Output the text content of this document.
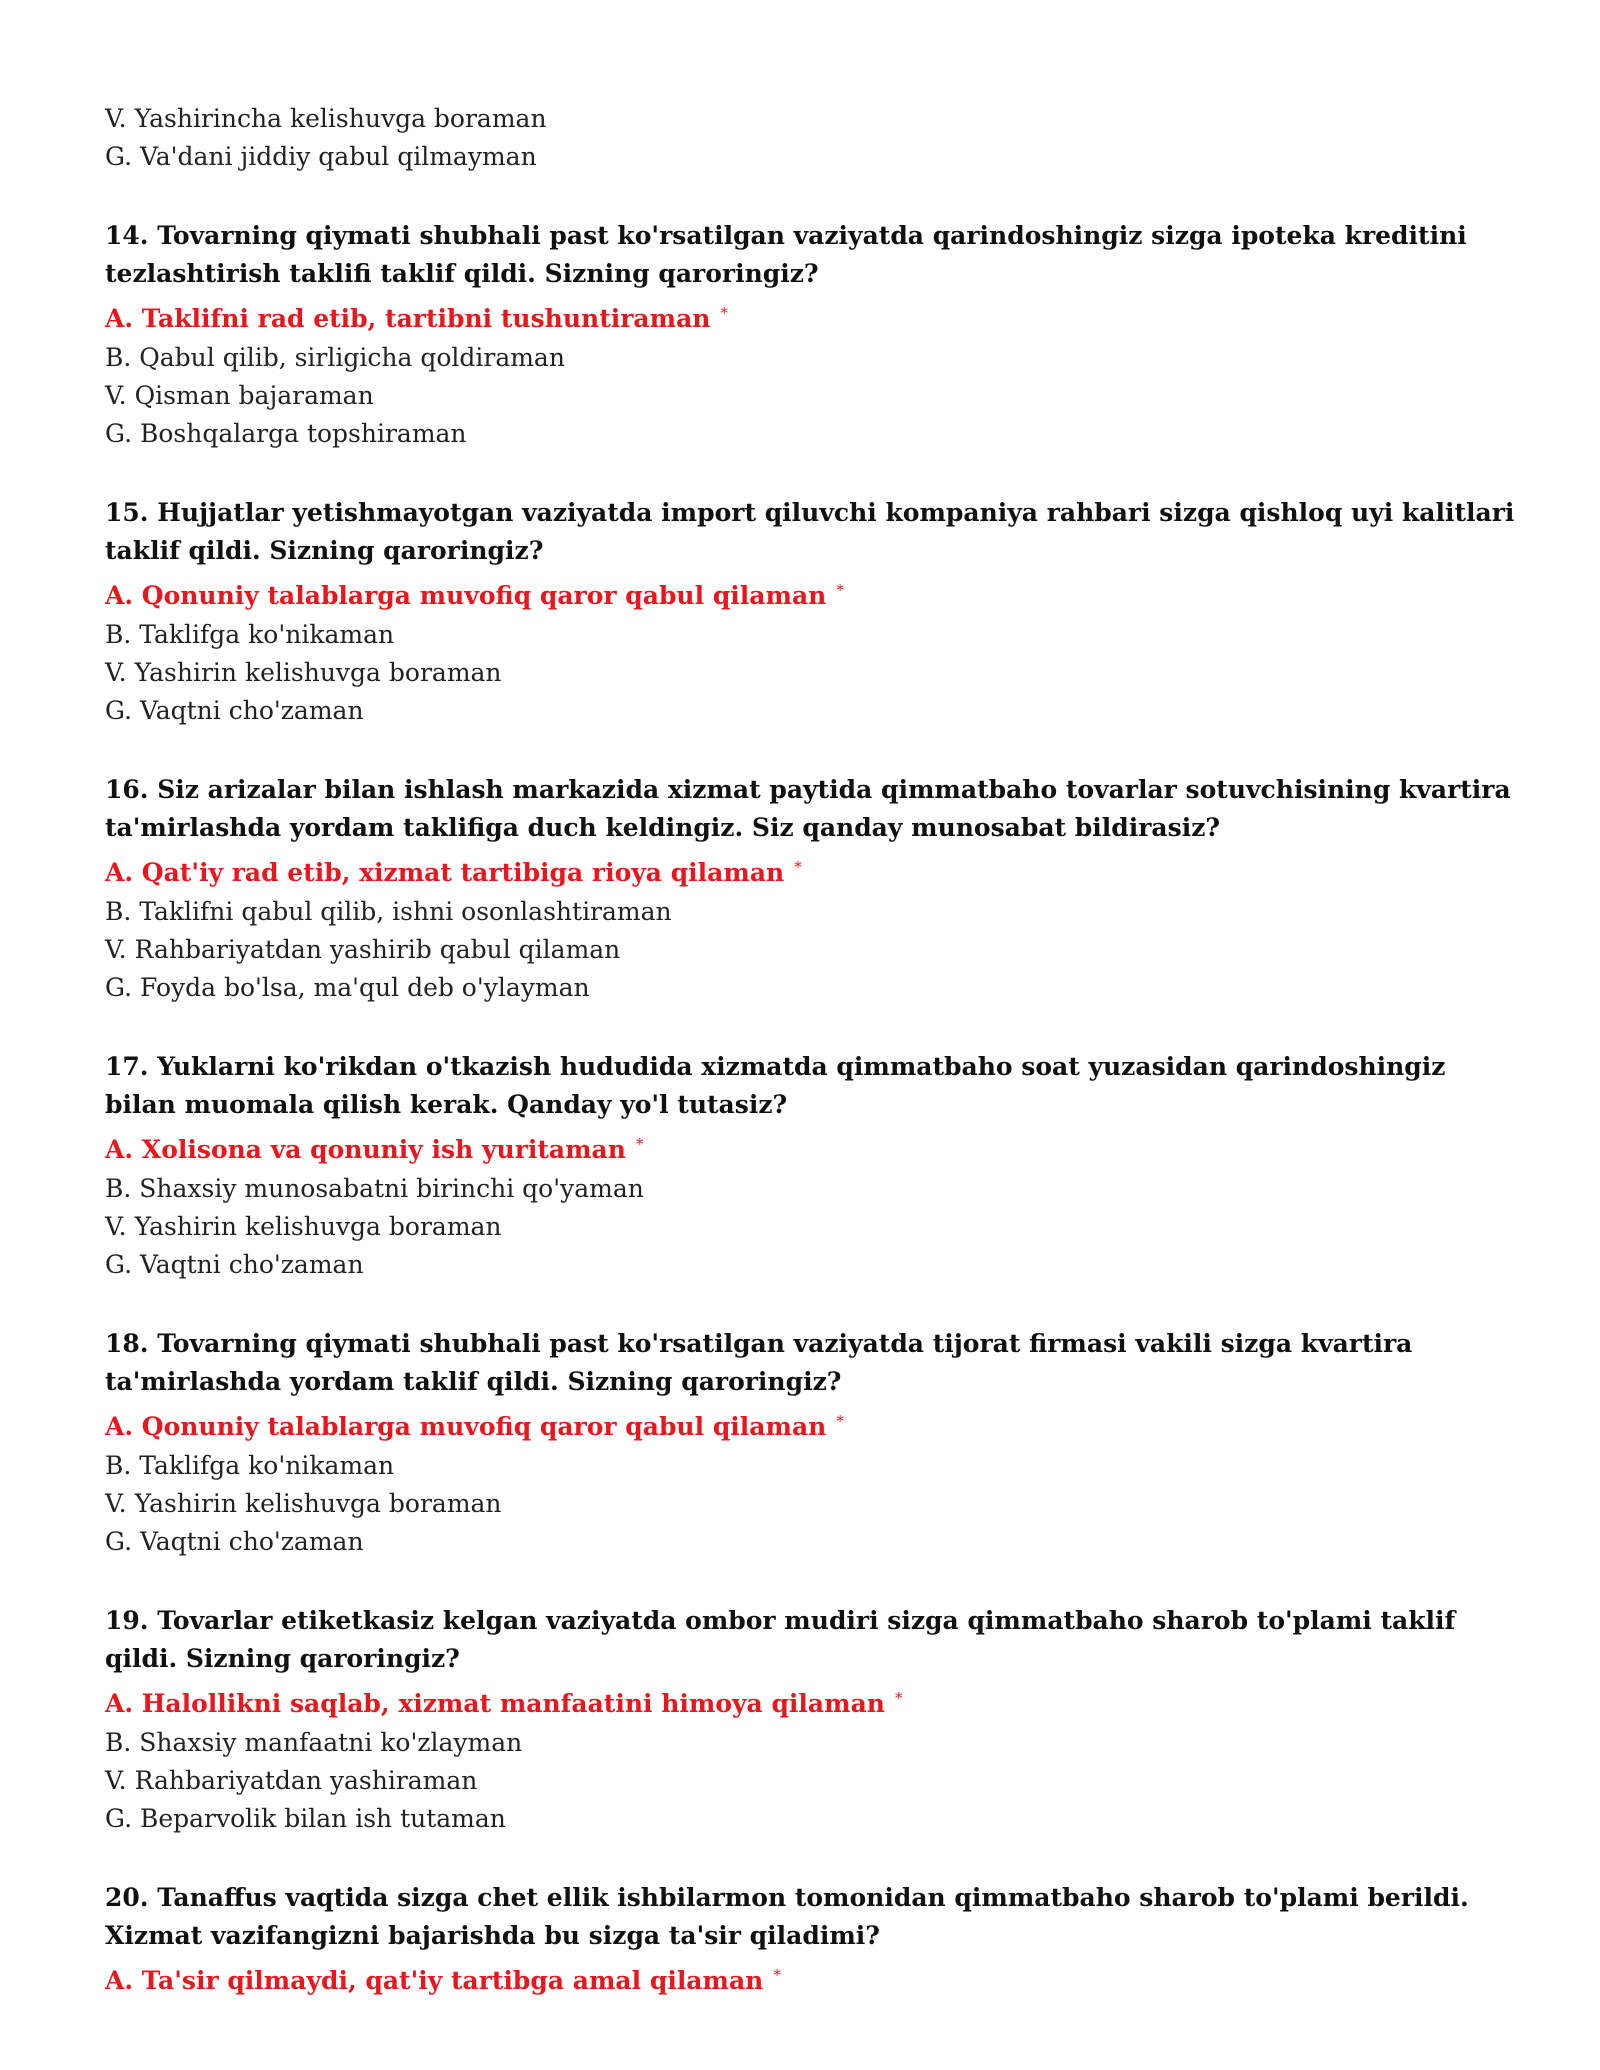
V. Yashirincha kelishuvga boraman
G. Va'dani jiddiy qabul qilmayman

14. Tovarning qiymati shubhali past ko'rsatilgan vaziyatda qarindoshingiz sizga ipoteka kreditini tezlashtirish taklifi taklif qildi. Sizning qaroringiz?

A. Taklifni rad etib, tartibni tushuntiraman *
B. Qabul qilib, sirligicha qoldiraman
V. Qisman bajaraman
G. Boshqalarga topshiraman

15. Hujjatlar yetishmayotgan vaziyatda import qiluvchi kompaniya rahbari sizga qishloq uyi kalitlari taklif qildi. Sizning qaroringiz?

A. Qonuniy talablarga muvofiq qaror qabul qilaman *
B. Taklifga ko'nikaman
V. Yashirin kelishuvga boraman
G. Vaqtni cho'zaman

16. Siz arizalar bilan ishlash markazida xizmat paytida qimmatbaho tovarlar sotuvchisining kvartira ta'mirlashda yordam taklifiga duch keldingiz. Siz qanday munosabat bildirasiz?

A. Qat'iy rad etib, xizmat tartibiga rioya qilaman *
B. Taklifni qabul qilib, ishni osonlashtiraman
V. Rahbariyatdan yashirib qabul qilaman
G. Foyda bo'lsa, ma'qul deb o'ylayman

17. Yuklarni ko'rikdan o'tkazish hududida xizmatda qimmatbaho soat yuzasidan qarindoshingiz bilan muomala qilish kerak. Qanday yo'l tutasiz?

A. Xolisona va qonuniy ish yuritaman *
B. Shaxsiy munosabatni birinchi qo'yaman
V. Yashirin kelishuvga boraman
G. Vaqtni cho'zaman

18. Tovarning qiymati shubhali past ko'rsatilgan vaziyatda tijorat firmasi vakili sizga kvartira ta'mirlashda yordam taklif qildi. Sizning qaroringiz?

A. Qonuniy talablarga muvofiq qaror qabul qilaman *
B. Taklifga ko'nikaman
V. Yashirin kelishuvga boraman
G. Vaqtni cho'zaman

19. Tovarlar etiketkasiz kelgan vaziyatda ombor mudiri sizga qimmatbaho sharob to'plami taklif qildi. Sizning qaroringiz?

A. Halollikni saqlab, xizmat manfaatini himoya qilaman *
B. Shaxsiy manfaatni ko'zlayman
V. Rahbariyatdan yashiraman
G. Beparvolik bilan ish tutaman

20. Tanaffus vaqtida sizga chet ellik ishbilarmon tomonidan qimmatbaho sharob to'plami berildi. Xizmat vazifangizni bajarishda bu sizga ta'sir qiladimi?

A. Ta'sir qilmaydi, qat'iy tartibga amal qilaman *
